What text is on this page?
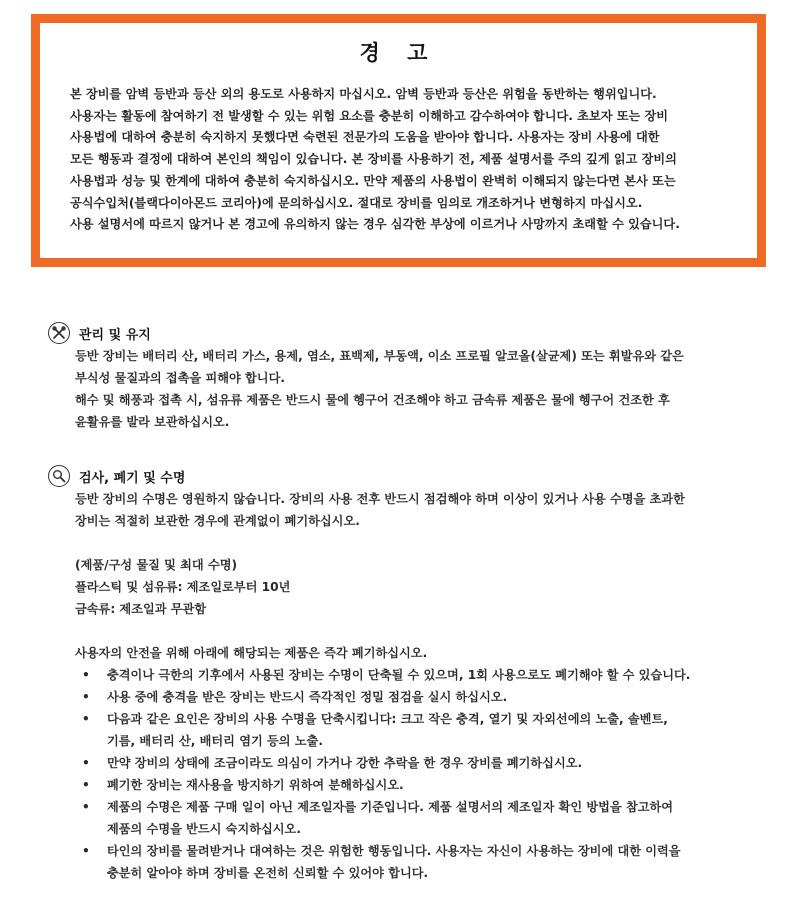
경 고
본 장비를 암벽 등반과 등산 외의 용도로 사용하지 마십시오. 암벽 등반과 등산은 위험을 동반하는 행위입니다.
사용자는 활동에 참여하기 전 발생할 수 있는 위험 요소를 충분히 이해하고 감수하여야 합니다. 초보자 또는 장비
사용법에 대하여 충분히 숙지하지 못했다면 숙련된 전문가의 도움을 받아야 합니다. 사용자는 장비 사용에 대한
모든 행동과 결정에 대하여 본인의 책임이 있습니다. 본 장비를 사용하기 전, 제품 설명서를 주의 깊게 읽고 장비의
사용법과 성능 및 한계에 대하여 충분히 숙지하십시오. 만약 제품의 사용법이 완벽히 이해되지 않는다면 본사 또는
공식수입처(블랙다이아몬드 코리아)에 문의하십시오. 절대로 장비를 임의로 개조하거나 변형하지 마십시오.
사용 설명서에 따르지 않거나 본 경고에 유의하지 않는 경우 심각한 부상에 이르거나 사망까지 초래할 수 있습니다.
관리 및 유지
등반 장비는 배터리 산, 배터리 가스, 용제, 염소, 표백제, 부동액, 이소 프로필 알코올(살균제) 또는 휘발유와 같은
부식성 물질과의 접촉을 피해야 합니다.
해수 및 해풍과 접촉 시, 섬유류 제품은 반드시 물에 헹구어 건조해야 하고 금속류 제품은 물에 헹구어 건조한 후
윤활유를 발라 보관하십시오.
검사, 폐기 및 수명
등반 장비의 수명은 영원하지 않습니다. 장비의 사용 전후 반드시 점검해야 하며 이상이 있거나 사용 수명을 초과한
장비는 적절히 보관한 경우에 관계없이 폐기하십시오.
(제품/구성 물질 및 최대 수명)
플라스틱 및 섬유류: 제조일로부터 10년
금속류: 제조일과 무관함
사용자의 안전을 위해 아래에 해당되는 제품은 즉각 폐기하십시오.
•	충격이나 극한의 기후에서 사용된 장비는 수명이 단축될 수 있으며, 1회 사용으로도 폐기해야 할 수 있습니다.
•	사용 중에 충격을 받은 장비는 반드시 즉각적인 정밀 점검을 실시 하십시오.
•	다음과 같은 요인은 장비의 사용 수명을 단축시킵니다: 크고 작은 충격, 열기 및 자외선에의 노출, 솔벤트,
기름, 배터리 산, 배터리 염기 등의 노출.
•	만약 장비의 상태에 조금이라도 의심이 가거나 강한 추락을 한 경우 장비를 폐기하십시오.
•	폐기한 장비는 재사용을 방지하기 위하여 분해하십시오.
•	제품의 수명은 제품 구매 일이 아닌 제조일자를 기준입니다. 제품 설명서의 제조일자 확인 방법을 참고하여
제품의 수명을 반드시 숙지하십시오.
•	타인의 장비를 물려받거나 대여하는 것은 위험한 행동입니다. 사용자는 자신이 사용하는 장비에 대한 이력을
충분히 알아야 하며 장비를 온전히 신뢰할 수 있어야 합니다.
